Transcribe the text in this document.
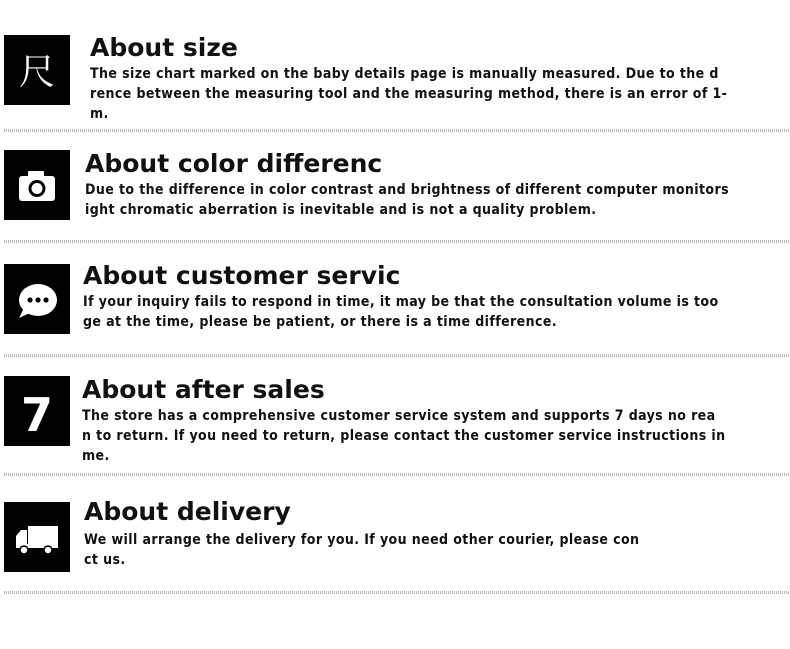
尺
About size
The size chart marked on the baby details page is manually measured. Due to the d
rence between the measuring tool and the measuring method, there is an error of 1-
m.
About color differenc
Due to the difference in color contrast and brightness of different computer monitors
ight chromatic aberration is inevitable and is not a quality problem.
About customer servic
If your inquiry fails to respond in time, it may be that the consultation volume is too
ge at the time, please be patient, or there is a time difference.
7 About after sales
The store has a comprehensive customer service system and supports 7 days no rea
n to return. If you need to return, please contact the customer service instructions in
me.
About delivery
We will arrange the delivery for you. If you need other courier, please con
ct us.
